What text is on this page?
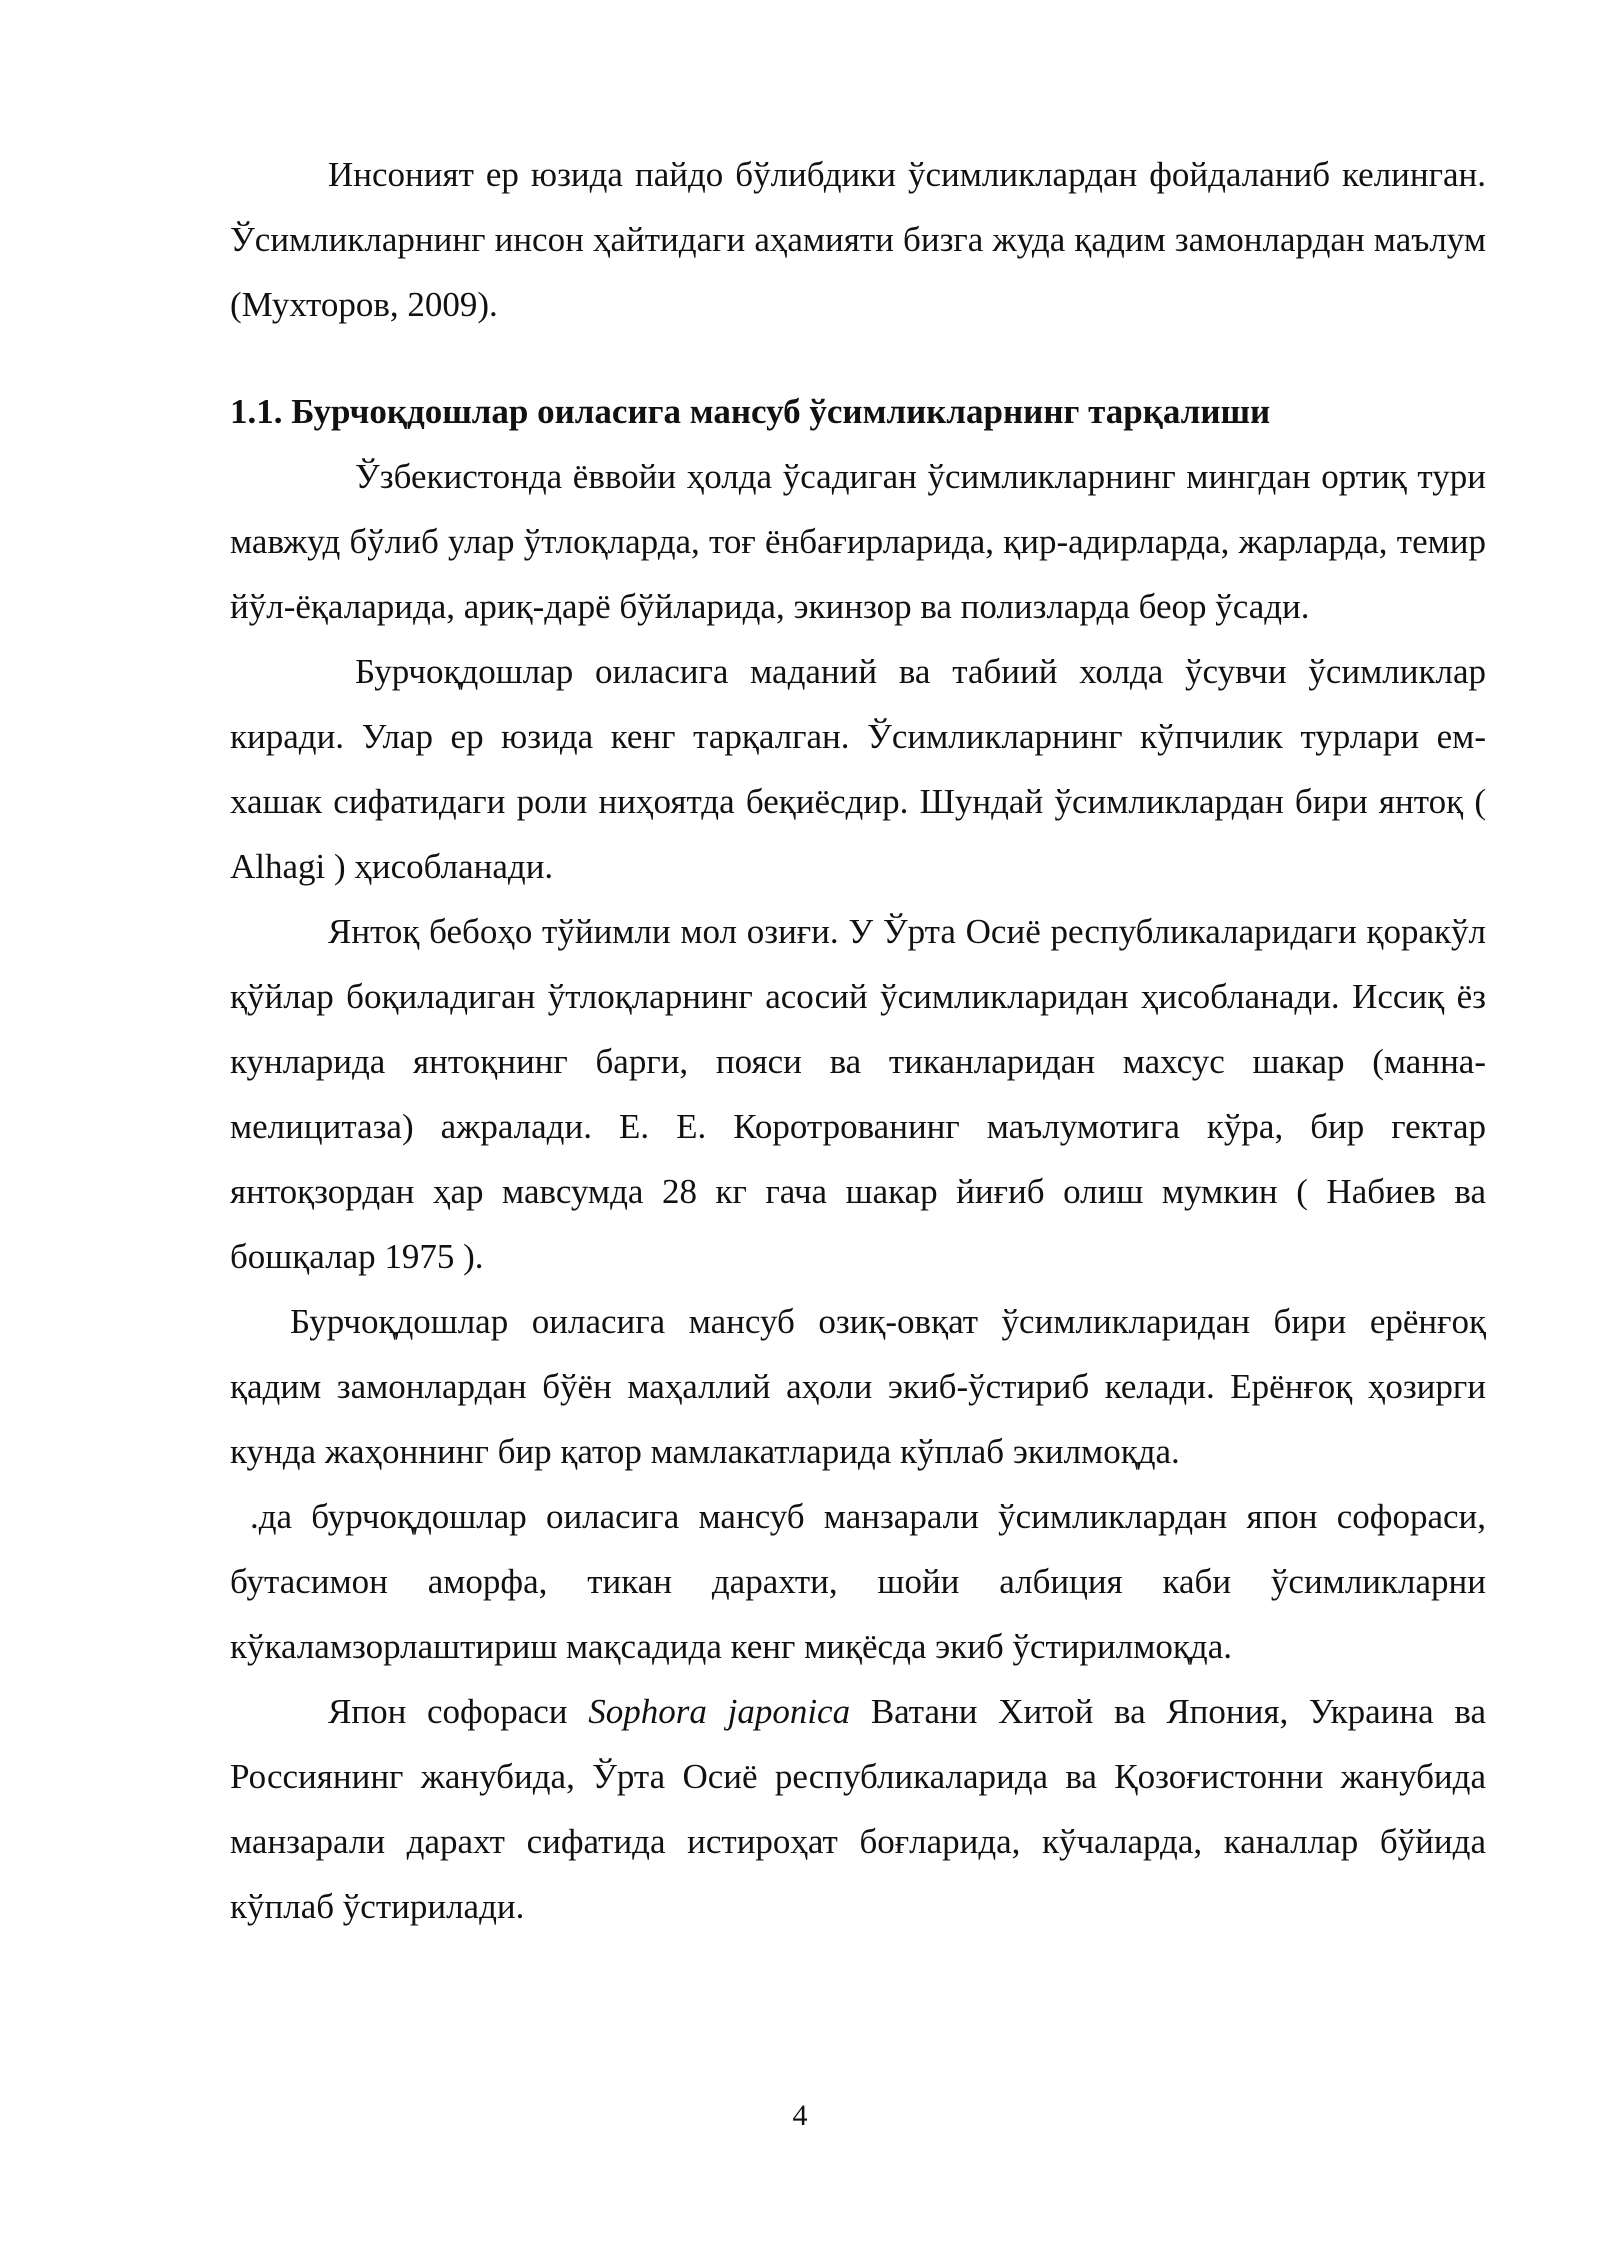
Инсоният ер юзида пайдо бўлибдики ўсимликлардан фойдаланиб келинган. Ўсимликларнинг инсон ҳайтидаги аҳамияти бизга жуда қадим замонлардан маълум (Мухторов, 2009).

1.1. Бурчоқдошлар оиласига мансуб ўсимликларнинг тарқалиши

Ўзбекистонда ёввойи ҳолда ўсадиган ўсимликларнинг мингдан ортиқ тури мавжуд бўлиб улар ўтлоқларда, тоғ ёнбағирларида, қир-адирларда, жарларда, темир йўл-ёқаларида, ариқ-дарё бўйларида, экинзор ва полизларда беор ўсади.

Бурчоқдошлар оиласига маданий ва табиий холда ўсувчи ўсимликлар киради. Улар ер юзида кенг тарқалган. Ўсимликларнинг кўпчилик турлари ем-хашак сифатидаги роли ниҳоятда беқиёсдир. Шундай ўсимликлардан бири янтоқ ( Alhagi ) ҳисобланади.

Янтоқ бебоҳо тўйимли мол озиғи. У Ўрта Осиё республикаларидаги қоракўл қўйлар боқиладиган ўтлоқларнинг асосий ўсимликларидан ҳисобланади. Иссиқ ёз кунларида янтоқнинг барги, пояси ва тиканларидан махсус шакар (манна-мелицитаза) ажралади. Е. Е. Коротрованинг маълумотига кўра, бир гектар янтоқзордан ҳар мавсумда 28 кг гача шакар йиғиб олиш мумкин ( Набиев ва бошқалар 1975 ).

Бурчоқдошлар оиласига мансуб озиқ-овқат ўсимликларидан бири ерёнғоқ қадим замонлардан бўён маҳаллий аҳоли экиб-ўстириб келади. Ерёнғоқ ҳозирги кунда жаҳоннинг бир қатор мамлакатларида кўплаб экилмоқда.

.да бурчоқдошлар оиласига мансуб манзарали ўсимликлардан япон софораси, бутасимон аморфа, тикан дарахти, шойи албиция каби ўсимликларни кўкаламзорлаштириш мақсадида кенг миқёсда экиб ўстирилмоқда.

Япон софораси Sophora japonica Ватани Хитой ва Япония, Украина ва Россиянинг жанубида, Ўрта Осиё республикаларида ва Қозоғистонни жанубида манзарали дарахт сифатида истироҳат боғларида, кўчаларда, каналлар бўйида кўплаб ўстирилади.

4
